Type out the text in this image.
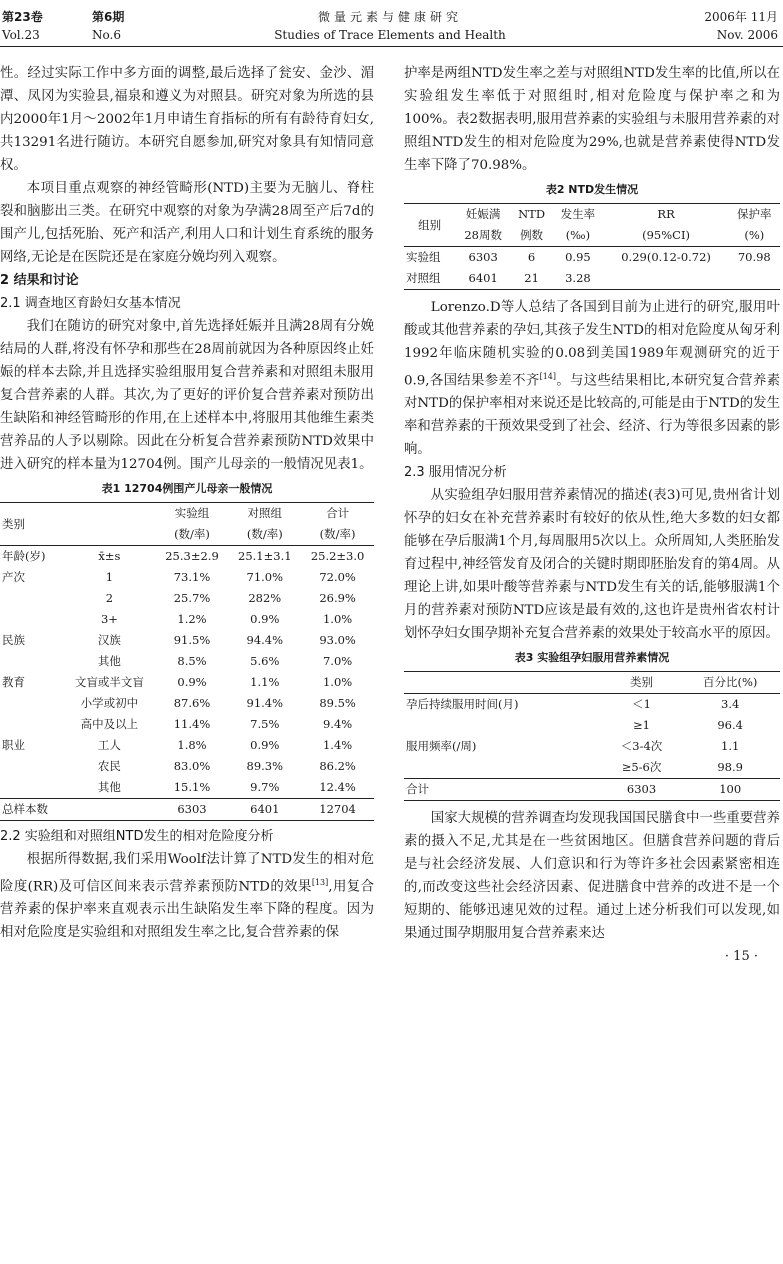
第23卷
Vol.23
第6期
No.6
微量元素与健康研究
Studies of Trace Elements and Health
2006年 11月
Nov. 2006

性。经过实际工作中多方面的调整,最后选择了瓮安、金沙、湄潭、凤冈为实验县,福泉和遵义为对照县。研究对象为所选的县内2000年1月～2002年1月申请生育指标的所有有龄待育妇女,共13291名进行随访。本研究自愿参加,研究对象具有知情同意权。

本项目重点观察的神经管畸形(NTD)主要为无脑儿、脊柱裂和脑膨出三类。在研究中观察的对象为孕满28周至产后7d的围产儿,包括死胎、死产和活产,利用人口和计划生育系统的服务网络,无论是在医院还是在家庭分娩均列入观察。

2 结果和讨论

2.1 调查地区育龄妇女基本情况

我们在随访的研究对象中,首先选择妊娠并且满28周有分娩结局的人群,将没有怀孕和那些在28周前就因为各种原因终止妊娠的样本去除,并且选择实验组服用复合营养素和对照组未服用复合营养素的人群。其次,为了更好的评价复合营养素对预防出生缺陷和神经管畸形的作用,在上述样本中,将服用其他维生素类营养品的人予以剔除。因此在分析复合营养素预防NTD效果中进入研究的样本量为12704例。围产儿母亲的一般情况见表1。

表1 12704例围产儿母亲一般情况
类别		实验组	对照组	合计
		(数/率)	(数/率)	(数/率)
年龄(岁)	x̄±s	25.3±2.9	25.1±3.1	25.2±3.0
产次	1	73.1%	71.0%	72.0%
	2	25.7%	282%	26.9%
	3+	1.2%	0.9%	1.0%
民族	汉族	91.5%	94.4%	93.0%
	其他	8.5%	5.6%	7.0%
教育	文盲或半文盲	0.9%	1.1%	1.0%
	小学或初中	87.6%	91.4%	89.5%
	高中及以上	11.4%	7.5%	9.4%
职业	工人	1.8%	0.9%	1.4%
	农民	83.0%	89.3%	86.2%
	其他	15.1%	9.7%	12.4%
总样本数		6303	6401	12704

2.2 实验组和对照组NTD发生的相对危险度分析

根据所得数据,我们采用Woolf法计算了NTD发生的相对危险度(RR)及可信区间来表示营养素预防NTD的效果[13],用复合营养素的保护率来直观表示出生缺陷发生率下降的程度。因为相对危险度是实验组和对照组发生率之比,复合营养素的保

护率是两组NTD发生率之差与对照组NTD发生率的比值,所以在实验组发生率低于对照组时,相对危险度与保护率之和为100%。表2数据表明,服用营养素的实验组与未服用营养素的对照组NTD发生的相对危险度为29%,也就是营养素使得NTD发生率下降了70.98%。

表2 NTD发生情况
组别	妊娠满	NTD	发生率	RR	保护率
	28周数	例数	(‰)	(95%CI)	(%)
实验组	6303	6	0.95	0.29(0.12-0.72)	70.98
对照组	6401	21	3.28		

Lorenzo.D等人总结了各国到目前为止进行的研究,服用叶酸或其他营养素的孕妇,其孩子发生NTD的相对危险度从匈牙利1992年临床随机实验的0.08到美国1989年观测研究的近于0.9,各国结果参差不齐[14]。与这些结果相比,本研究复合营养素对NTD的保护率相对来说还是比较高的,可能是由于NTD的发生率和营养素的干预效果受到了社会、经济、行为等很多因素的影响。

2.3 服用情况分析

从实验组孕妇服用营养素情况的描述(表3)可见,贵州省计划怀孕的妇女在补充营养素时有较好的依从性,绝大多数的妇女都能够在孕后服满1个月,每周服用5次以上。众所周知,人类胚胎发育过程中,神经管发育及闭合的关键时期即胚胎发育的第4周。从理论上讲,如果叶酸等营养素与NTD发生有关的话,能够服满1个月的营养素对预防NTD应该是最有效的,这也许是贵州省农村计划怀孕妇女围孕期补充复合营养素的效果处于较高水平的原因。

表3 实验组孕妇服用营养素情况
	类别	百分比(%)
孕后持续服用时间(月)	＜1	3.4
	≥1	96.4
服用频率(/周)	＜3-4次	1.1
	≥5-6次	98.9
合计	6303	100

国家大规模的营养调查均发现我国国民膳食中一些重要营养素的摄入不足,尤其是在一些贫困地区。但膳食营养问题的背后是与社会经济发展、人们意识和行为等许多社会因素紧密相连的,而改变这些社会经济因素、促进膳食中营养的改进不是一个短期的、能够迅速见效的过程。通过上述分析我们可以发现,如果通过围孕期服用复合营养素来达

· 15 ·
